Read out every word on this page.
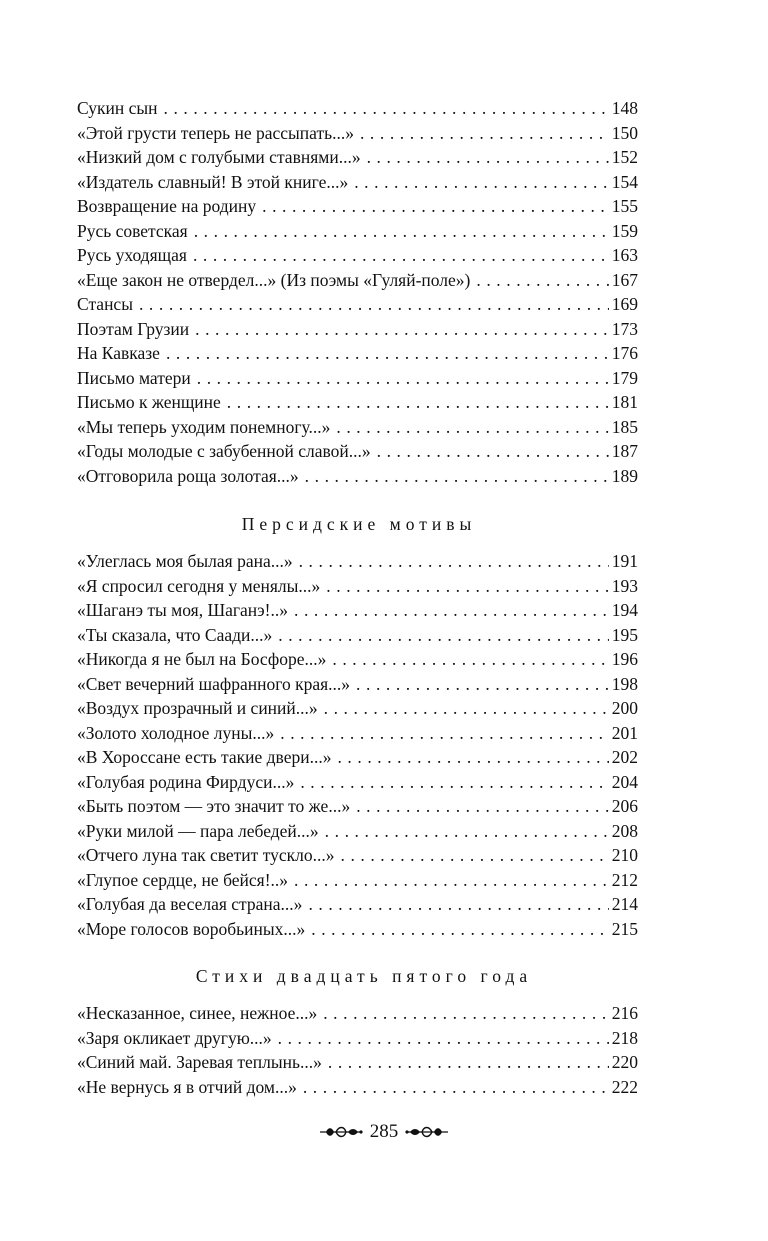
Сукин сын . . .	148
«Этой грусти теперь не рассыпать...» . . .	150
«Низкий дом с голубыми ставнями...» . . .	152
«Издатель славный! В этой книге...» . . .	154
Возвращение на родину . . .	155
Русь советская . . .	159
Русь уходящая . . .	163
«Еще закон не отвердел...» (Из поэмы «Гуляй-поле») . . .	167
Стансы . . .	169
Поэтам Грузии . . .	173
На Кавказе . . .	176
Письмо матери . . .	179
Письмо к женщине . . .	181
«Мы теперь уходим понемногу...» . . .	185
«Годы молодые с забубенной славой...» . . .	187
«Отговорила роща золотая...» . . .	189
Персидские мотивы
«Улеглась моя былая рана...» . . .	191
«Я спросил сегодня у менялы...» . . .	193
«Шаганэ ты моя, Шаганэ!..» . . .	194
«Ты сказала, что Саади...» . . .	195
«Никогда я не был на Босфоре...» . . .	196
«Свет вечерний шафранного края...» . . .	198
«Воздух прозрачный и синий...» . . .	200
«Золото холодное луны...» . . .	201
«В Хороссане есть такие двери...» . . .	202
«Голубая родина Фирдуси...» . . .	204
«Быть поэтом — это значит то же...» . . .	206
«Руки милой — пара лебедей...» . . .	208
«Отчего луна так светит тускло...» . . .	210
«Глупое сердце, не бейся!..» . . .	212
«Голубая да веселая страна...» . . .	214
«Море голосов воробьиных...» . . .	215
Стихи двадцать пятого года
«Несказанное, синее, нежное...» . . .	216
«Заря окликает другую...» . . .	218
«Синий май. Заревая теплынь...» . . .	220
«Не вернусь я в отчий дом...» . . .	222
285
